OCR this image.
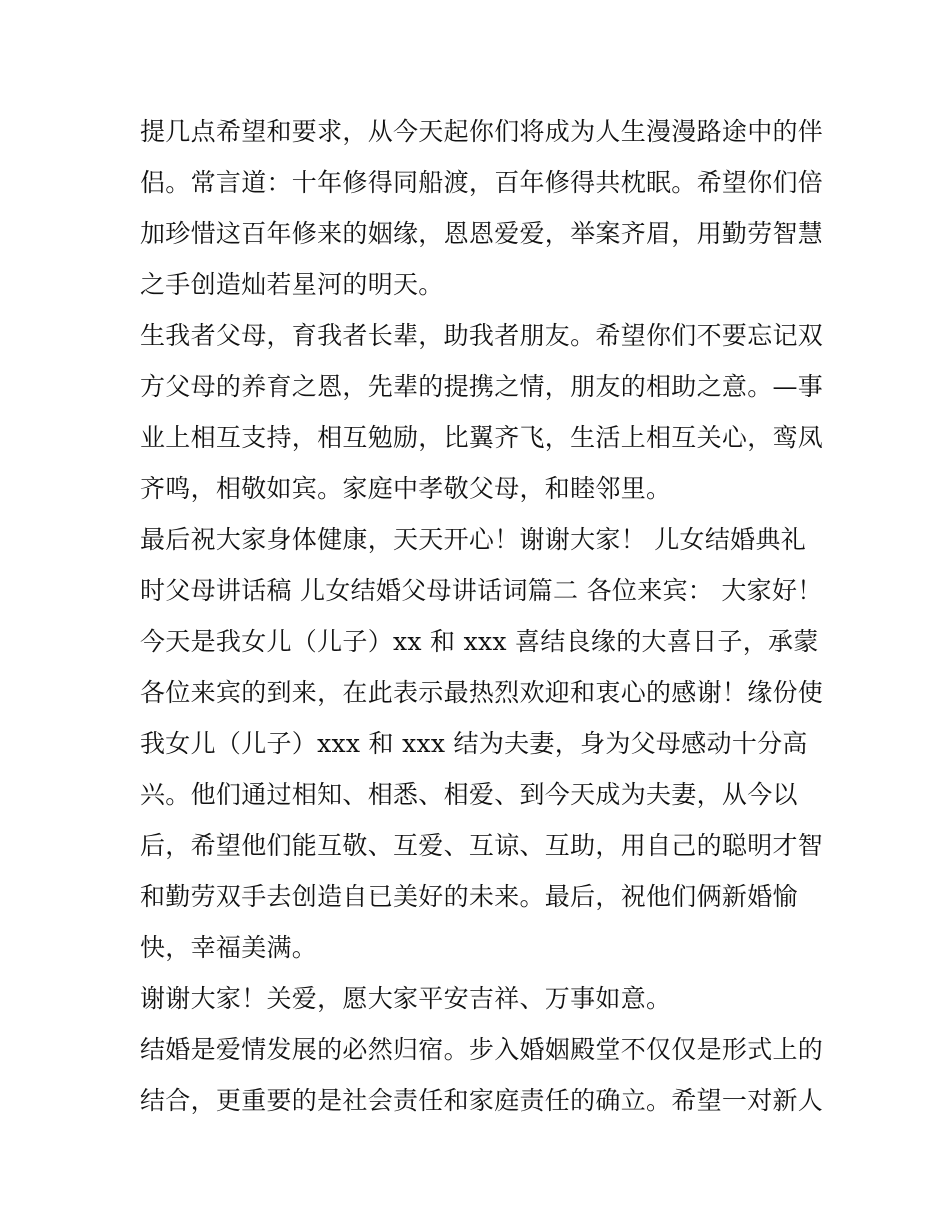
提几点希望和要求，从今天起你们将成为人生漫漫路途中的伴
侣。常言道：十年修得同船渡，百年修得共枕眠。希望你们倍
加珍惜这百年修来的姻缘，恩恩爱爱，举案齐眉，用勤劳智慧
之手创造灿若星河的明天。
生我者父母，育我者长辈，助我者朋友。希望你们不要忘记双
方父母的养育之恩，先辈的提携之情，朋友的相助之意。—事
业上相互支持，相互勉励，比翼齐飞，生活上相互关心，鸾凤
齐鸣，相敬如宾。家庭中孝敬父母，和睦邻里。
最后祝大家身体健康，天天开心！谢谢大家！ 儿女结婚典礼
时父母讲话稿 儿女结婚父母讲话词篇二 各位来宾： 大家好！
今天是我女儿（儿子）xx 和 xxx 喜结良缘的大喜日子，承蒙
各位来宾的到来，在此表示最热烈欢迎和衷心的感谢！缘份使
我女儿（儿子）xxx 和 xxx 结为夫妻，身为父母感动十分高
兴。他们通过相知、相悉、相爱、到今天成为夫妻，从今以
后，希望他们能互敬、互爱、互谅、互助，用自己的聪明才智
和勤劳双手去创造自已美好的未来。最后，祝他们俩新婚愉
快，幸福美满。
谢谢大家！关爱，愿大家平安吉祥、万事如意。
结婚是爱情发展的必然归宿。步入婚姻殿堂不仅仅是形式上的
结合，更重要的是社会责任和家庭责任的确立。希望一对新人
